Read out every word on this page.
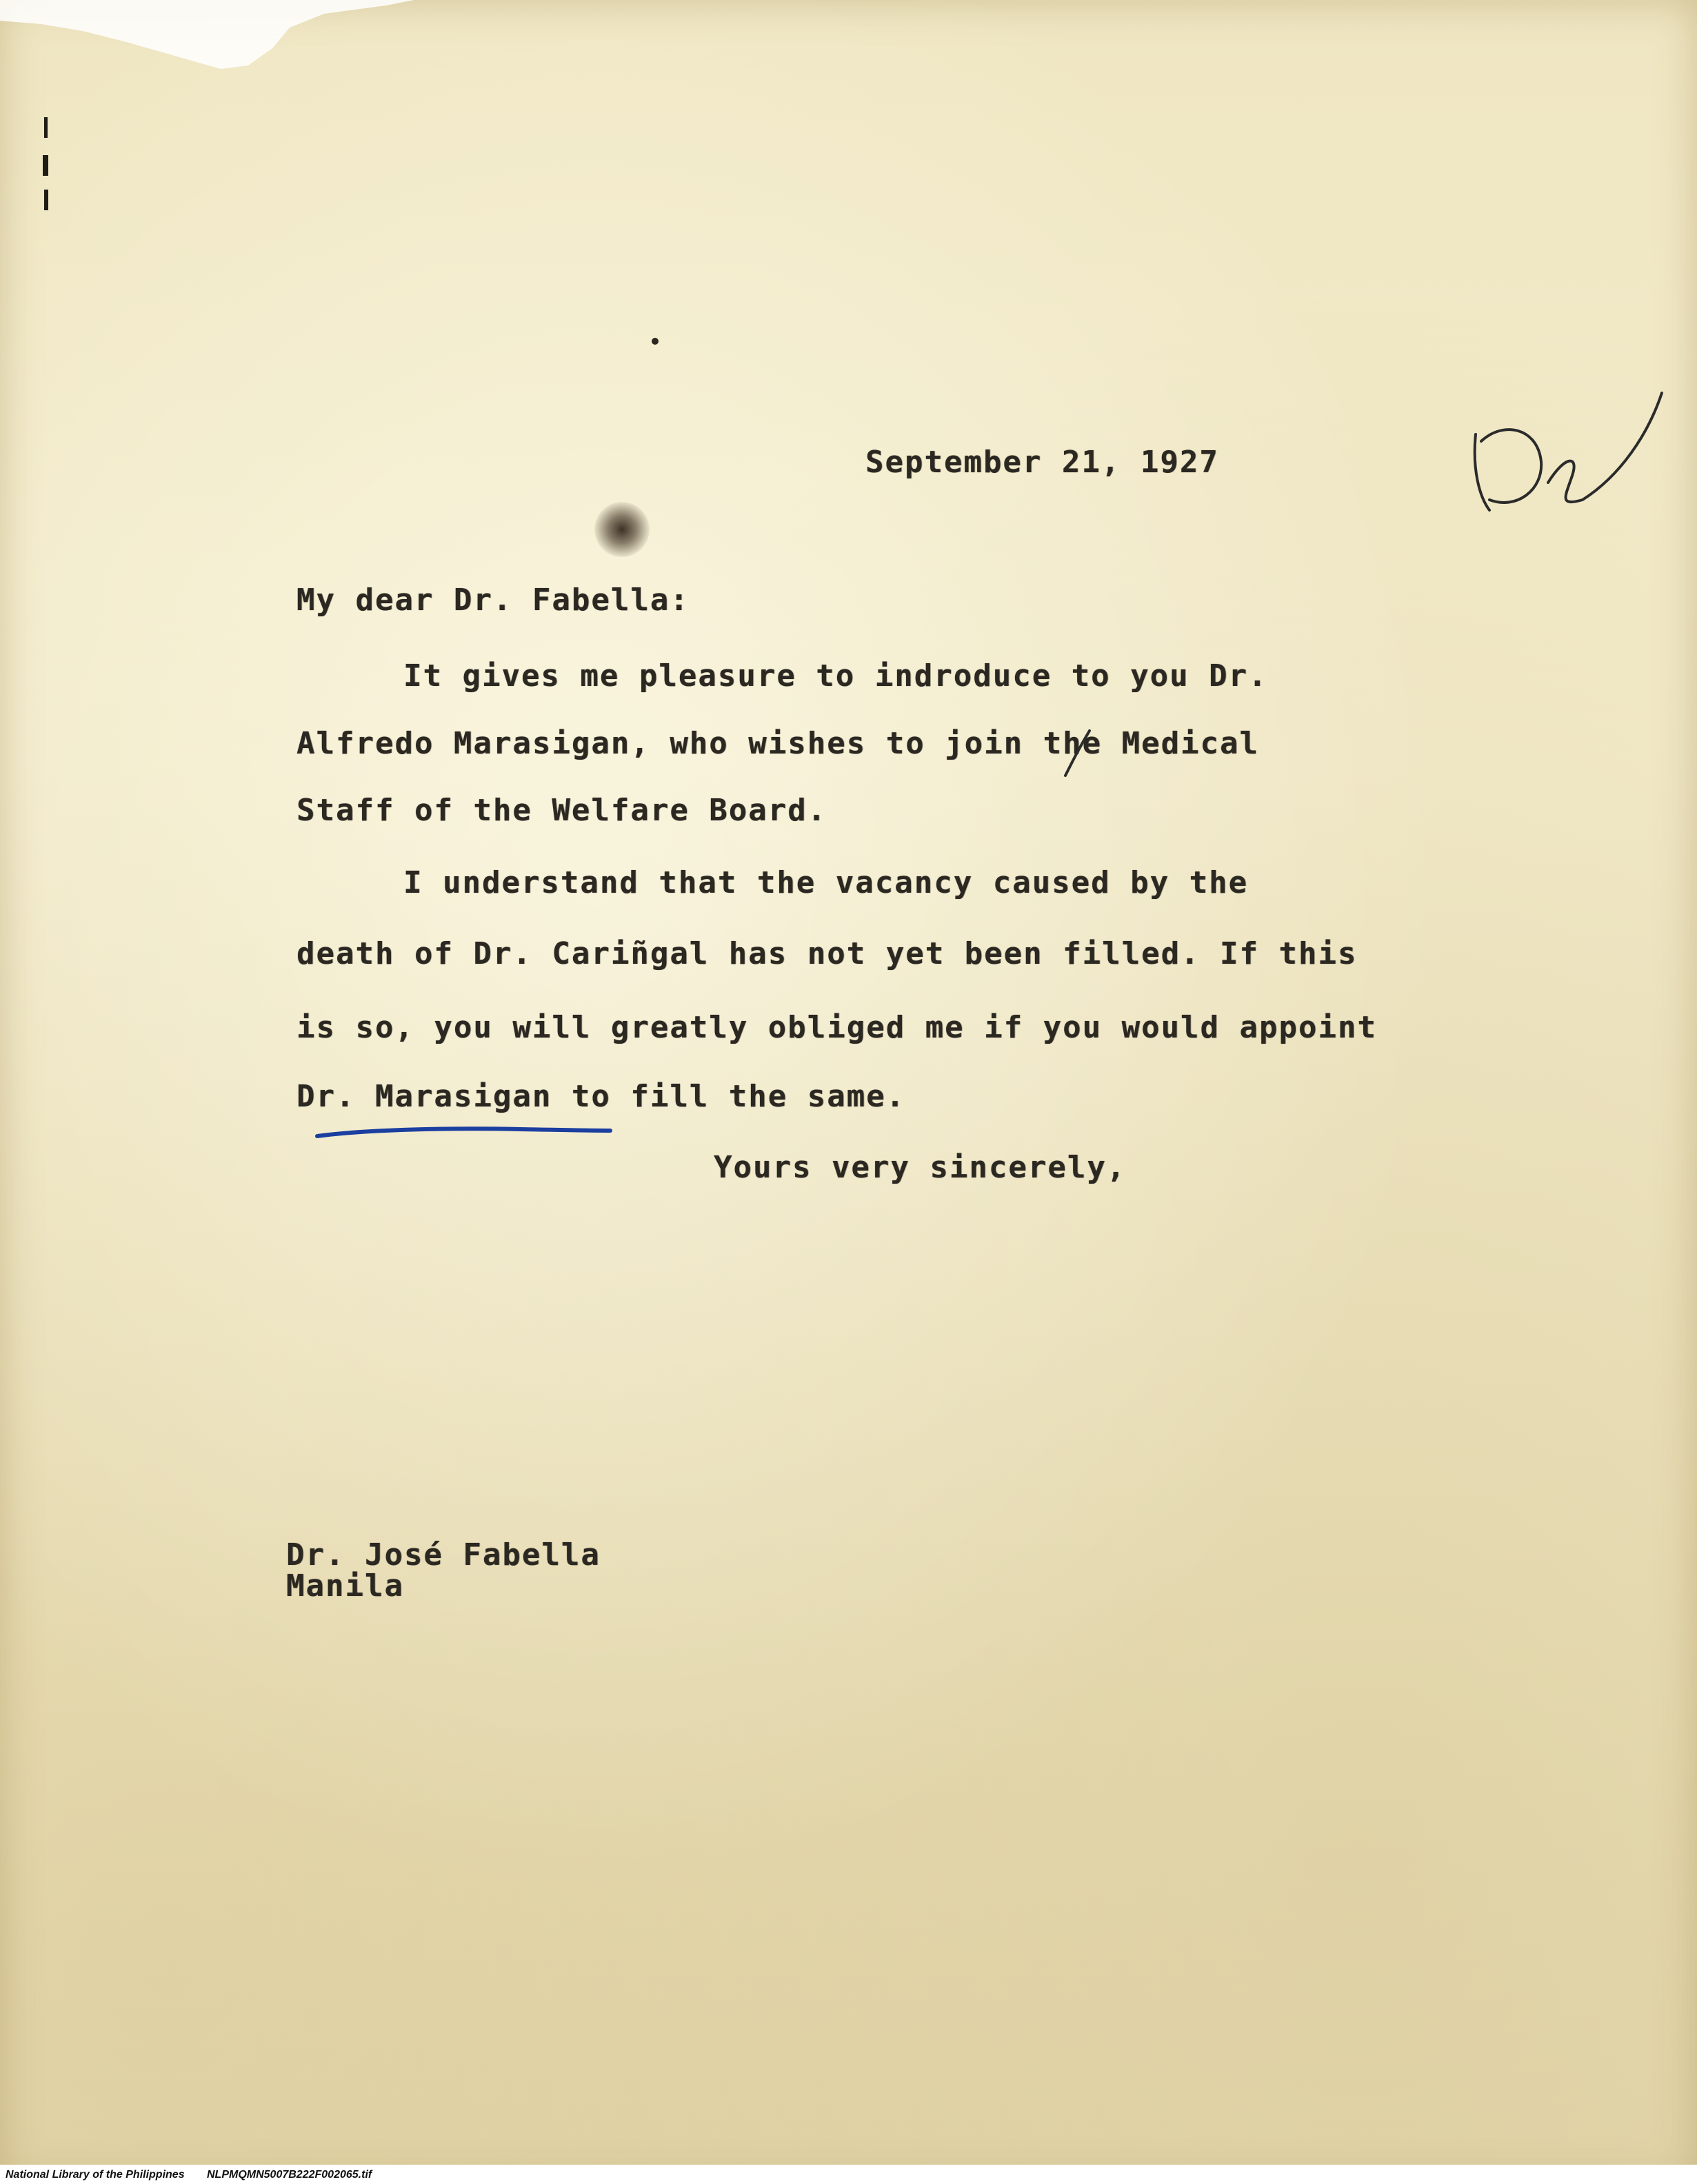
September 21, 1927
My dear Dr. Fabella:
It gives me pleasure to indroduce to you Dr.
Alfredo Marasigan, who wishes to join the Medical
Staff of the Welfare Board.
I understand that the vacancy caused by the
death of Dr. Cariñgal has not yet been filled. If this
is so, you will greatly obliged me if you would appoint
Dr. Marasigan to fill the same.
Yours very sincerely,
Dr. José Fabella
Manila
National Library of the Philippines NLPMQMN5007B222F002065.tif
